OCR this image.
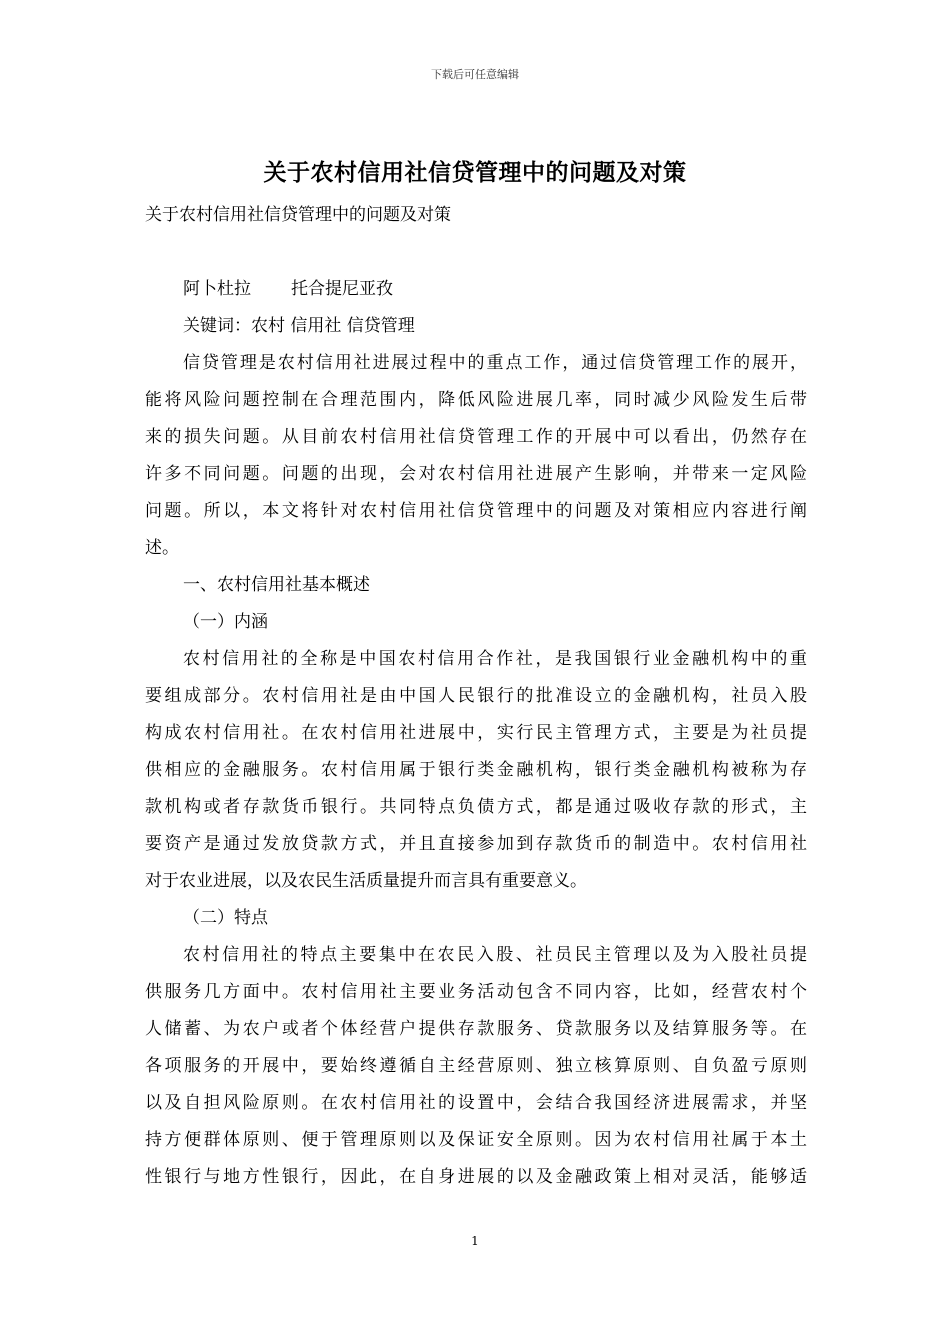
下载后可任意编辑
关于农村信用社信贷管理中的问题及对策
关于农村信用社信贷管理中的问题及对策
阿卜杜拉 托合提尼亚孜
关键词：农村 信用社 信贷管理
信贷管理是农村信用社进展过程中的重点工作，通过信贷管理工作的展开，
能将风险问题控制在合理范围内，降低风险进展几率，同时减少风险发生后带
来的损失问题。从目前农村信用社信贷管理工作的开展中可以看出，仍然存在
许多不同问题。问题的出现，会对农村信用社进展产生影响，并带来一定风险
问题。所以，本文将针对农村信用社信贷管理中的问题及对策相应内容进行阐
述。
一、农村信用社基本概述
（一）内涵
农村信用社的全称是中国农村信用合作社，是我国银行业金融机构中的重
要组成部分。农村信用社是由中国人民银行的批准设立的金融机构，社员入股
构成农村信用社。在农村信用社进展中，实行民主管理方式，主要是为社员提
供相应的金融服务。农村信用属于银行类金融机构，银行类金融机构被称为存
款机构或者存款货币银行。共同特点负债方式，都是通过吸收存款的形式，主
要资产是通过发放贷款方式，并且直接参加到存款货币的制造中。农村信用社
对于农业进展，以及农民生活质量提升而言具有重要意义。
（二）特点
农村信用社的特点主要集中在农民入股、社员民主管理以及为入股社员提
供服务几方面中。农村信用社主要业务活动包含不同内容，比如，经营农村个
人储蓄、为农户或者个体经营户提供存款服务、贷款服务以及结算服务等。在
各项服务的开展中，要始终遵循自主经营原则、独立核算原则、自负盈亏原则
以及自担风险原则。在农村信用社的设置中，会结合我国经济进展需求，并坚
持方便群体原则、便于管理原则以及保证安全原则。因为农村信用社属于本土
性银行与地方性银行，因此，在自身进展的以及金融政策上相对灵活，能够适
1
